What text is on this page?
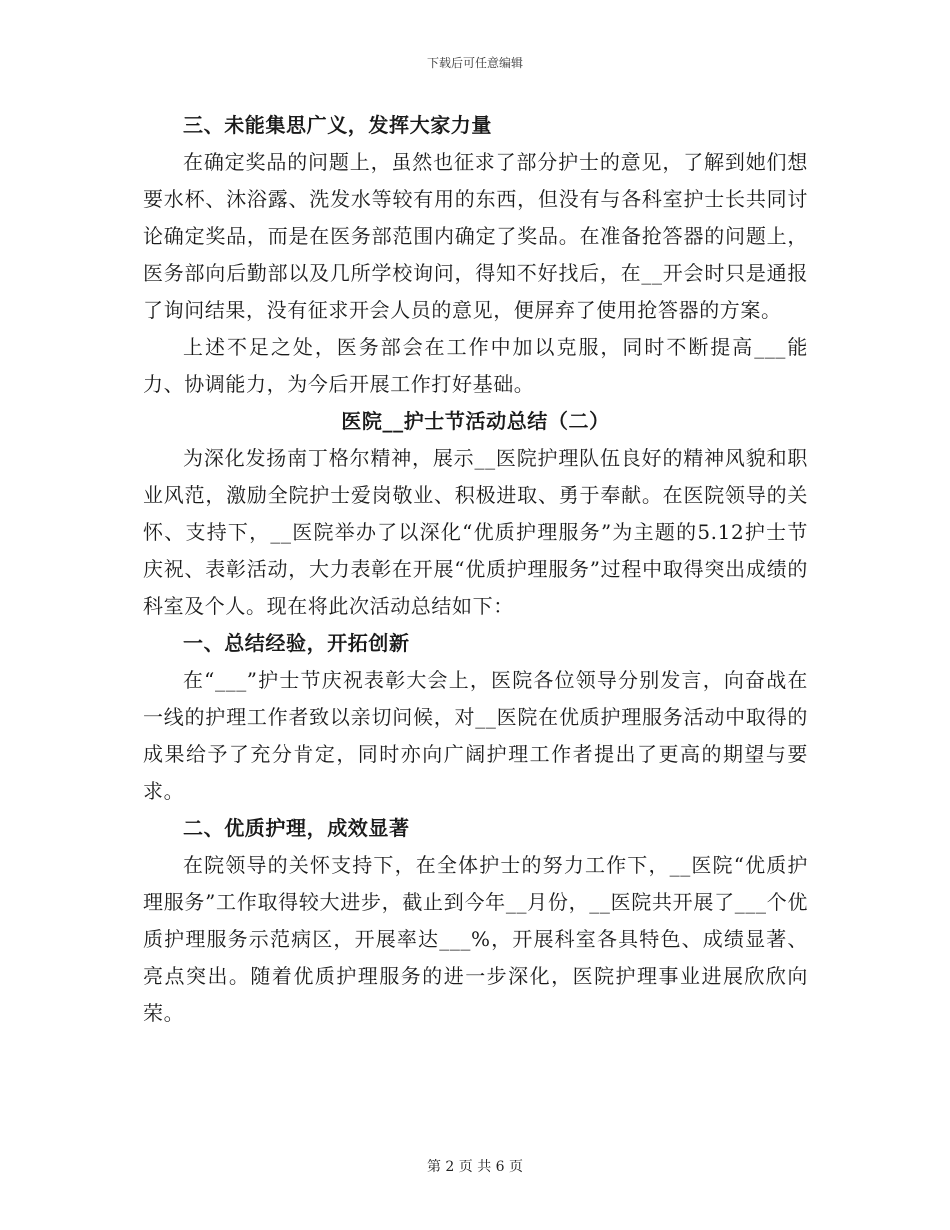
下载后可任意编辑

三、未能集思广义，发挥大家力量

在确定奖品的问题上，虽然也征求了部分护士的意见，了解到她们想要水杯、沐浴露、洗发水等较有用的东西，但没有与各科室护士长共同讨论确定奖品，而是在医务部范围内确定了奖品。在准备抢答器的问题上，医务部向后勤部以及几所学校询问，得知不好找后，在__开会时只是通报了询问结果，没有征求开会人员的意见，便屏弃了使用抢答器的方案。

上述不足之处，医务部会在工作中加以克服，同时不断提高___能力、协调能力，为今后开展工作打好基础。

医院__护士节活动总结（二）

为深化发扬南丁格尔精神，展示__医院护理队伍良好的精神风貌和职业风范，激励全院护士爱岗敬业、积极进取、勇于奉献。在医院领导的关怀、支持下，__医院举办了以深化“优质护理服务”为主题的5.12护士节庆祝、表彰活动，大力表彰在开展“优质护理服务”过程中取得突出成绩的科室及个人。现在将此次活动总结如下：

一、总结经验，开拓创新

在“___”护士节庆祝表彰大会上，医院各位领导分别发言，向奋战在一线的护理工作者致以亲切问候，对__医院在优质护理服务活动中取得的成果给予了充分肯定，同时亦向广阔护理工作者提出了更高的期望与要求。

二、优质护理，成效显著

在院领导的关怀支持下，在全体护士的努力工作下，__医院“优质护理服务”工作取得较大进步，截止到今年__月份，__医院共开展了___个优质护理服务示范病区，开展率达___%，开展科室各具特色、成绩显著、亮点突出。随着优质护理服务的进一步深化，医院护理事业进展欣欣向荣。

第 2 页 共 6 页
